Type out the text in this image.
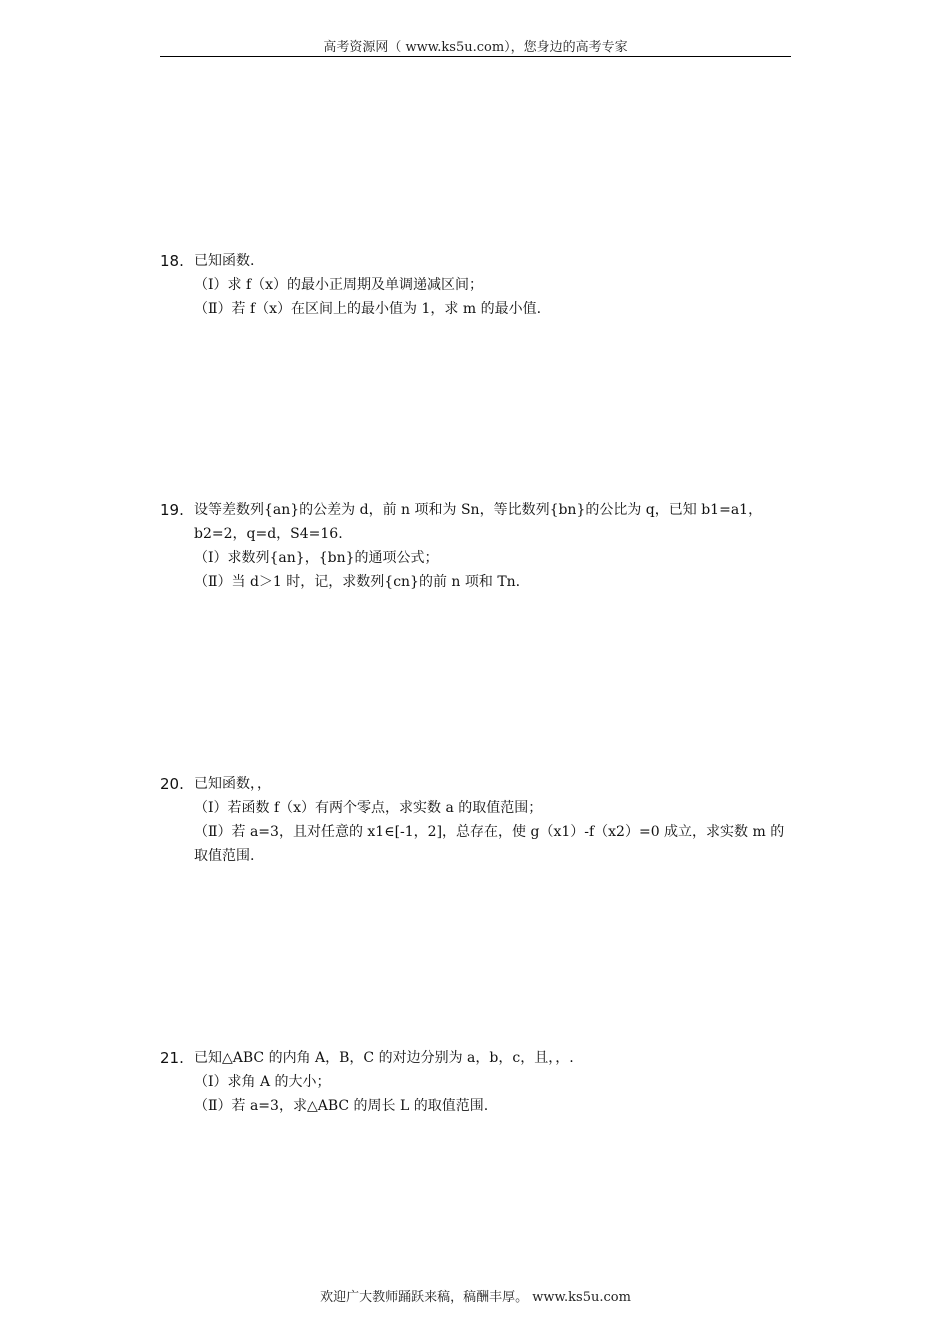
高考资源网（ www.ks5u.com），您身边的高考专家
18. 已知函数.
（Ⅰ）求 f（x）的最小正周期及单调递减区间；
（Ⅱ）若 f（x）在区间上的最小值为 1，求 m 的最小值.
19. 设等差数列{an}的公差为 d，前 n 项和为 Sn，等比数列{bn}的公比为 q，已知 b1=a1，
b2=2，q=d，S4=16.
（Ⅰ）求数列{an}，{bn}的通项公式；
（Ⅱ）当 d＞1 时，记，求数列{cn}的前 n 项和 Tn.
20. 已知函数，，
（Ⅰ）若函数 f（x）有两个零点，求实数 a 的取值范围；
（Ⅱ）若 a=3，且对任意的 x1∈[-1，2]，总存在，使 g（x1）-f（x2）=0 成立，求实数 m 的取值范围.
21. 已知△ABC 的内角 A，B，C 的对边分别为 a，b，c，且，，.
（Ⅰ）求角 A 的大小；
（Ⅱ）若 a=3，求△ABC 的周长 L 的取值范围.
欢迎广大教师踊跃来稿，稿酬丰厚。 www.ks5u.com
